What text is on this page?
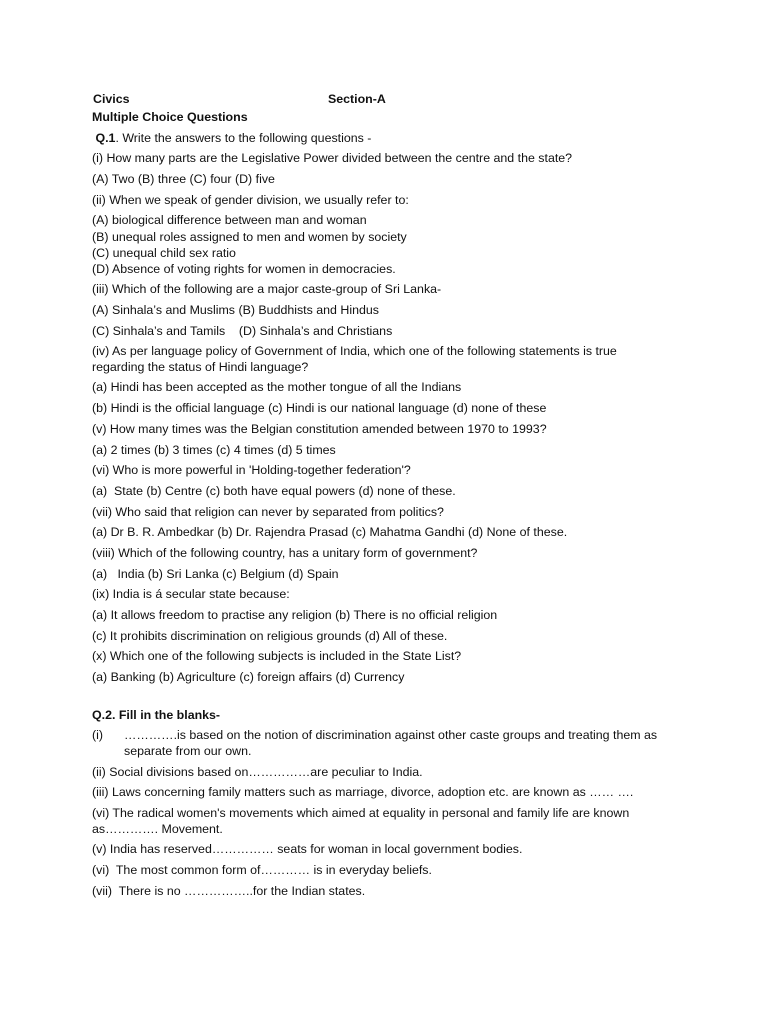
Civics	Section-A
Multiple Choice Questions
Q.1. Write the answers to the following questions -
(i) How many parts are the Legislative Power divided between the centre and the state?
(A) Two (B) three (C) four (D) five
(ii) When we speak of gender division, we usually refer to:
(A) biological difference between man and woman
(B) unequal roles assigned to men and women by society
(C) unequal child sex ratio
(D) Absence of voting rights for women in democracies.
(iii) Which of the following are a major caste-group of Sri Lanka-
(A) Sinhala’s and Muslims (B) Buddhists and Hindus
(C) Sinhala’s and Tamils    (D) Sinhala’s and Christians
(iv) As per language policy of Government of India, which one of the following statements is true regarding the status of Hindi language?
(a) Hindi has been accepted as the mother tongue of all the Indians
(b) Hindi is the official language (c) Hindi is our national language (d) none of these
(v) How many times was the Belgian constitution amended between 1970 to 1993?
(a) 2 times (b) 3 times (c) 4 times (d) 5 times
(vi) Who is more powerful in 'Holding-together federation'?
(a)  State (b) Centre (c) both have equal powers (d) none of these.
(vii) Who said that religion can never by separated from politics?
(a) Dr B. R. Ambedkar (b) Dr. Rajendra Prasad (c) Mahatma Gandhi (d) None of these.
(viii) Which of the following country, has a unitary form of government?
(a)   India (b) Sri Lanka (c) Belgium (d) Spain
(ix) India is á secular state because:
(a) It allows freedom to practise any religion (b) There is no official religion
(c) It prohibits discrimination on religious grounds (d) All of these.
(x) Which one of the following subjects is included in the State List?
(a) Banking (b) Agriculture (c) foreign affairs (d) Currency
Q.2. Fill in the blanks-
(i)	………….is based on the notion of discrimination against other caste groups and treating them as separate from our own.
(ii) Social divisions based on……………are peculiar to India.
(iii) Laws concerning family matters such as marriage, divorce, adoption etc. are known as …… ….
(vi) The radical women's movements which aimed at equality in personal and family life are known as…………. Movement.
(v) India has reserved…………… seats for woman in local government bodies.
(vi) The most common form of………… is in everyday beliefs.
(vii) There is no ……………..for the Indian states.
